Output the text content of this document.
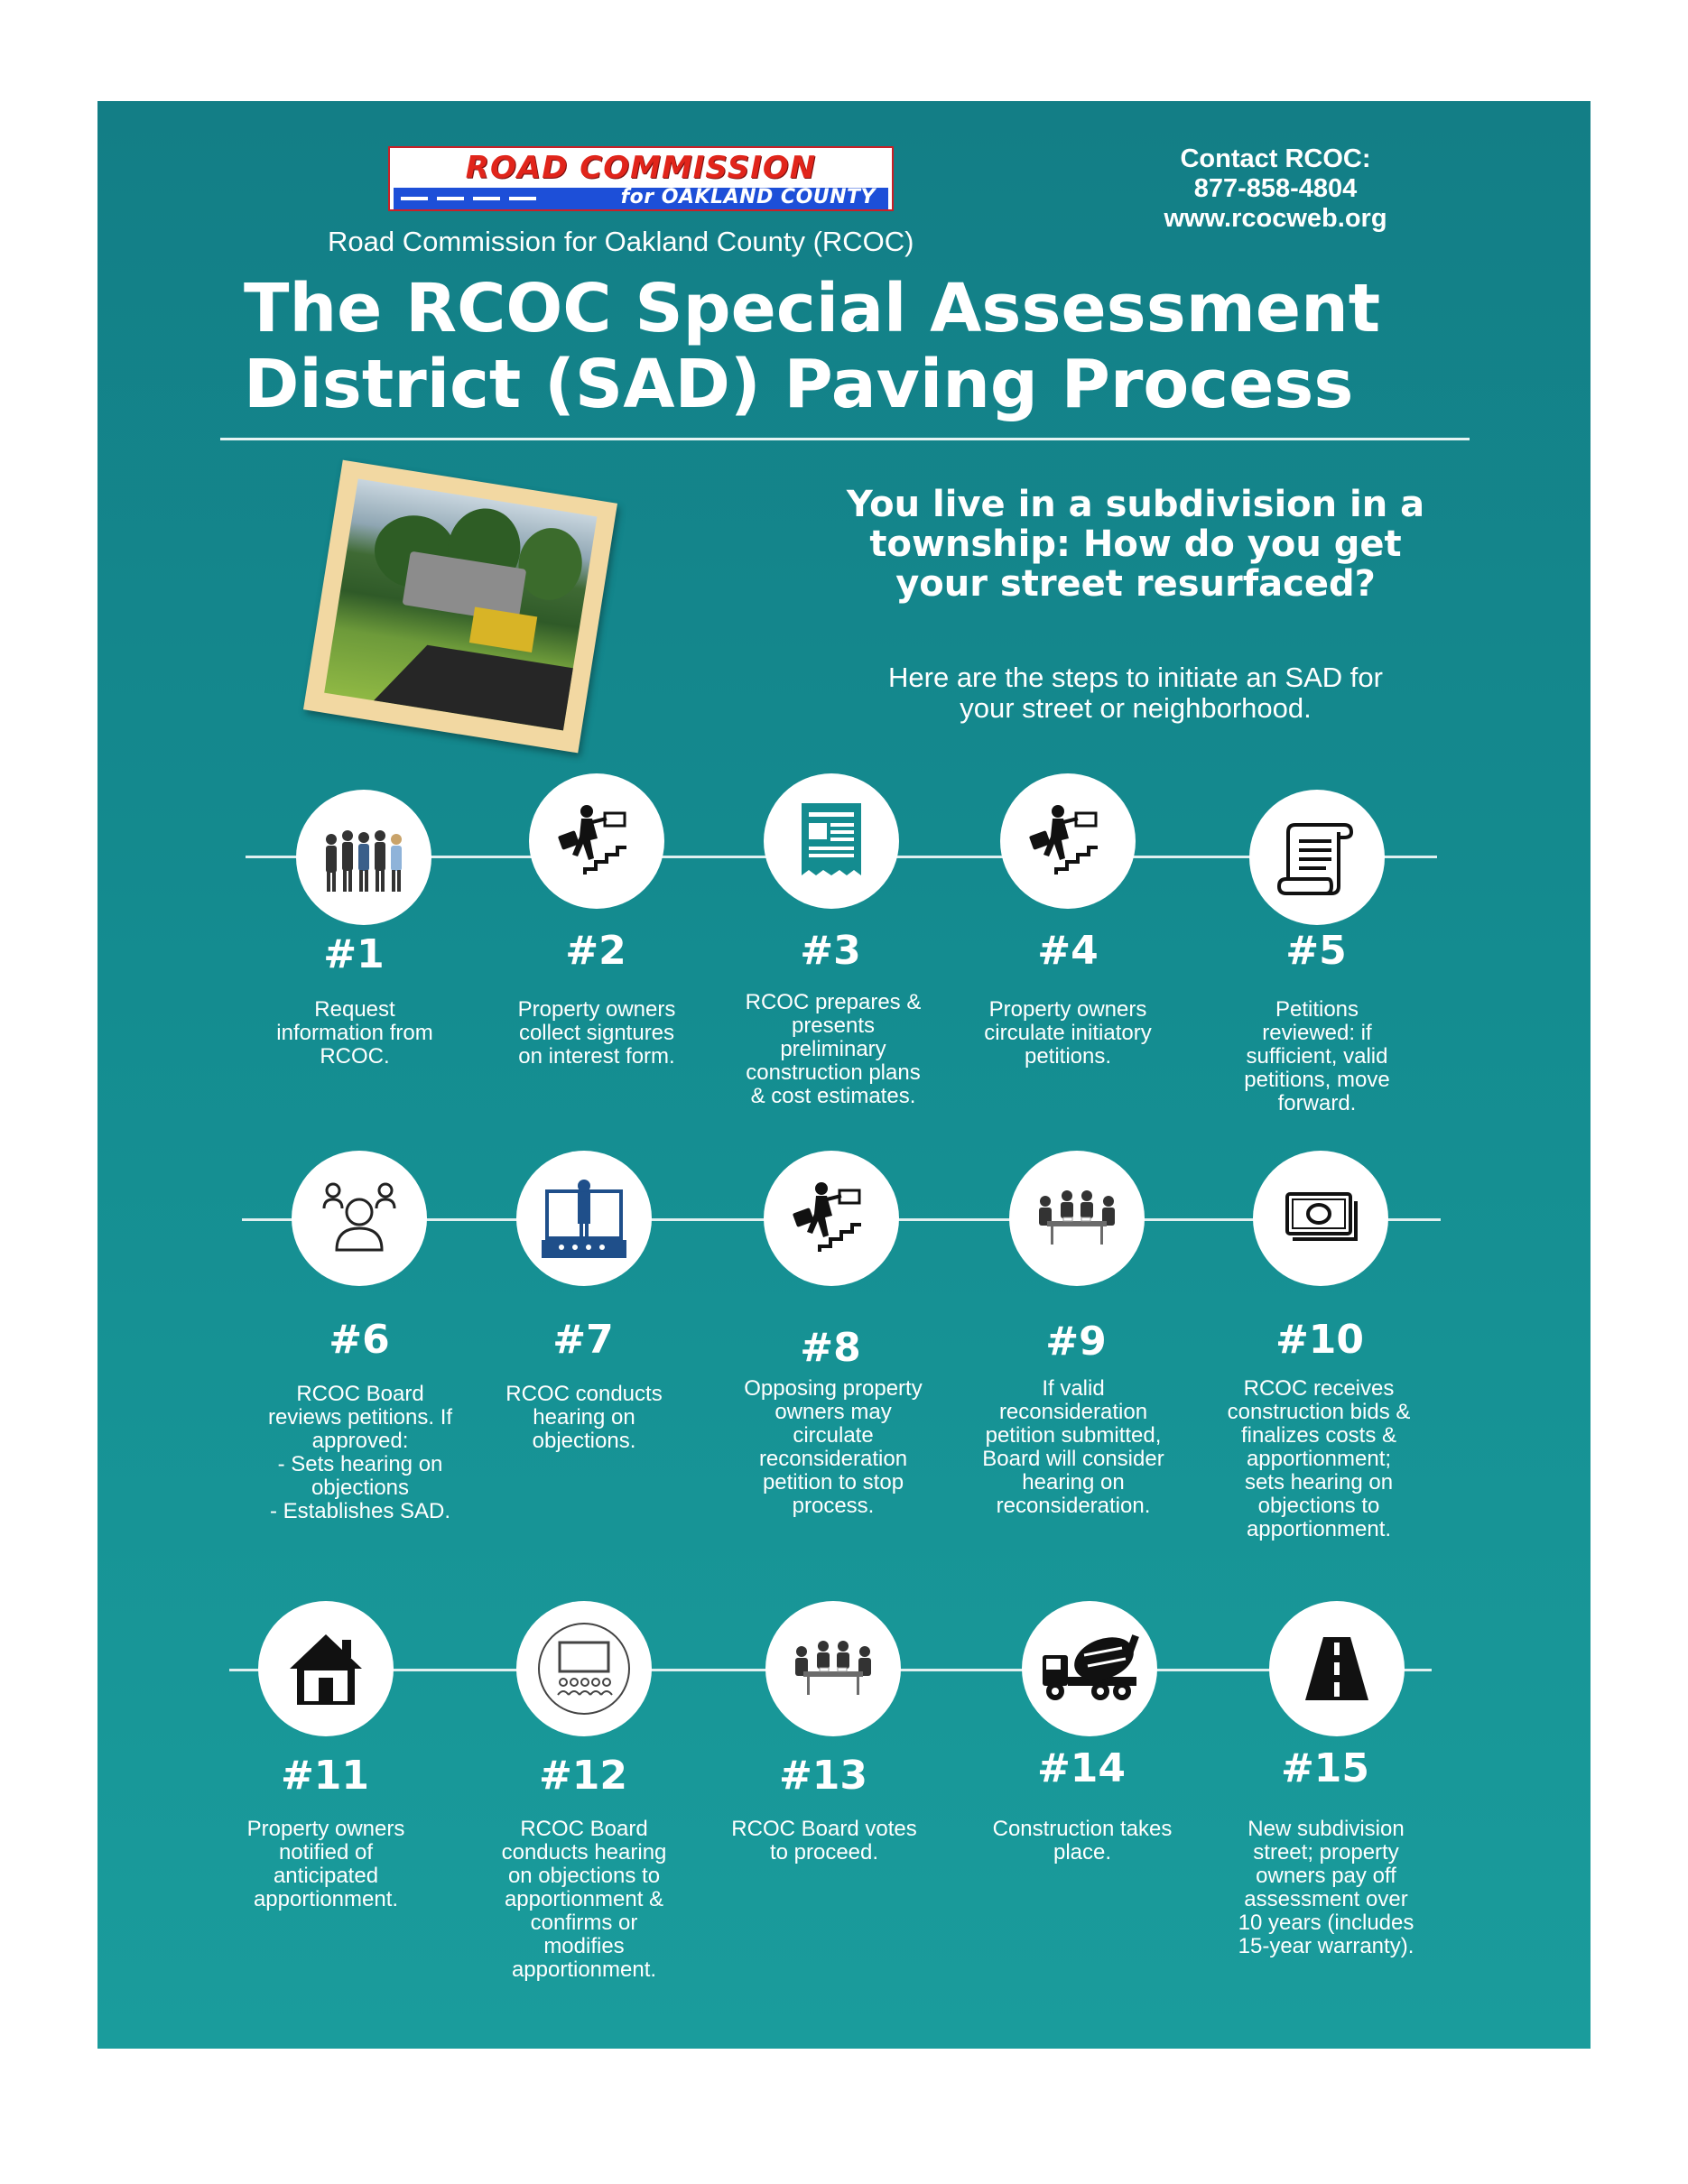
ROAD COMMISSION
for OAKLAND COUNTY
Road Commission for Oakland County (RCOC)
Contact RCOC:
877-858-4804
www.rcocweb.org
The RCOC Special Assessment
District (SAD) Paving Process
You live in a subdivision in a
township: How do you get
your street resurfaced?
Here are the steps to initiate an SAD for
your street or neighborhood.
#1	#2	#3	#4	#5
Request
information from
RCOC.
Property owners
collect signtures
on interest form.
RCOC prepares &
presents
preliminary
construction plans
& cost estimates.
Property owners
circulate initiatory
petitions.
Petitions
reviewed: if
sufficient, valid
petitions, move
forward.
#6	#7	#8	#9	#10
RCOC Board
reviews petitions. If
approved:
- Sets hearing on
objections
- Establishes SAD.
RCOC conducts
hearing on
objections.
Opposing property
owners may
circulate
reconsideration
petition to stop
process.
If valid
reconsideration
petition submitted,
Board will consider
hearing on
reconsideration.
RCOC receives
construction bids &
finalizes costs &
apportionment;
sets hearing on
objections to
apportionment.
#11	#12	#13	#14	#15
Property owners
notified of
anticipated
apportionment.
RCOC Board
conducts hearing
on objections to
apportionment &
confirms or
modifies
apportionment.
RCOC Board votes
to proceed.
Construction takes
place.
New subdivision
street; property
owners pay off
assessment over
10 years (includes
15-year warranty).
